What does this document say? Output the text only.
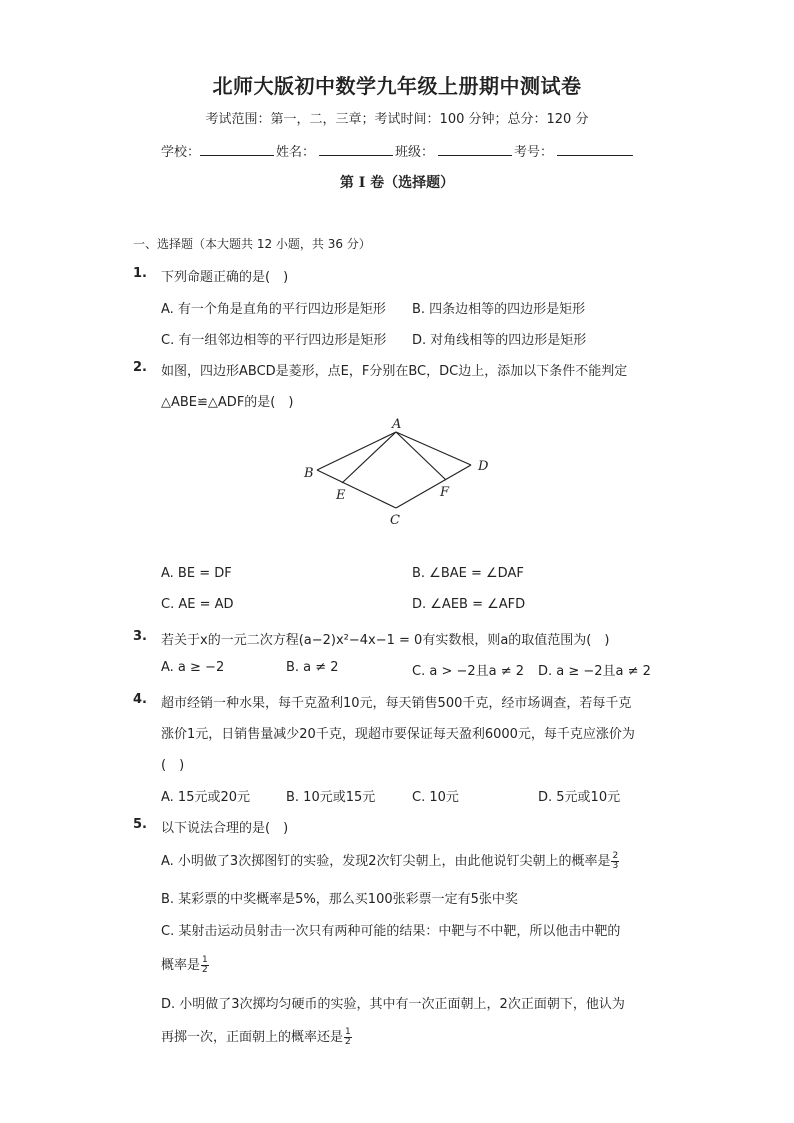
北师大版初中数学九年级上册期中测试卷
考试范围：第一，二，三章；考试时间：100 分钟；总分：120 分
学校：	姓名：	班级：	考号：
第 I 卷（选择题）
一、选择题（本大题共 12 小题，共 36 分）
1. 下列命题正确的是(　)
A. 有一个角是直角的平行四边形是矩形 B. 四条边相等的四边形是矩形
C. 有一组邻边相等的平行四边形是矩形 D. 对角线相等的四边形是矩形
2. 如图，四边形ABCD是菱形，点E，F分别在BC，DC边上，添加以下条件不能判定
△ABE≌△ADF的是(　)
A
B
C
D
E	F
A. BE = DF	B. ∠BAE = ∠DAF
C. AE = AD	D. ∠AEB = ∠AFD
3. 若关于x的一元二次方程(a−2)x²−4x−1 = 0有实数根，则a的取值范围为(　)
A. a ≥ −2	B. a ≠ 2	C. a > −2且a ≠ 2 D. a ≥ −2且a ≠ 2
4. 超市经销一种水果，每千克盈利10元，每天销售500千克，经市场调查，若每千克
涨价1元，日销售量减少20千克，现超市要保证每天盈利6000元，每千克应涨价为
(　)
A. 15元或20元	B. 10元或15元	C. 10元	D. 5元或10元
5. 以下说法合理的是(　)
A. 小明做了3次掷图钉的实验，发现2次钉尖朝上，由此他说钉尖朝上的概率是 $\frac{2}{3}$
B. 某彩票的中奖概率是5%，那么买100张彩票一定有5张中奖
C. 某射击运动员射击一次只有两种可能的结果：中靶与不中靶，所以他击中靶的
概率是 $\frac{1}{2}$
D. 小明做了3次掷均匀硬币的实验，其中有一次正面朝上，2次正面朝下，他认为
再掷一次，正面朝上的概率还是 $\frac{1}{2}$
